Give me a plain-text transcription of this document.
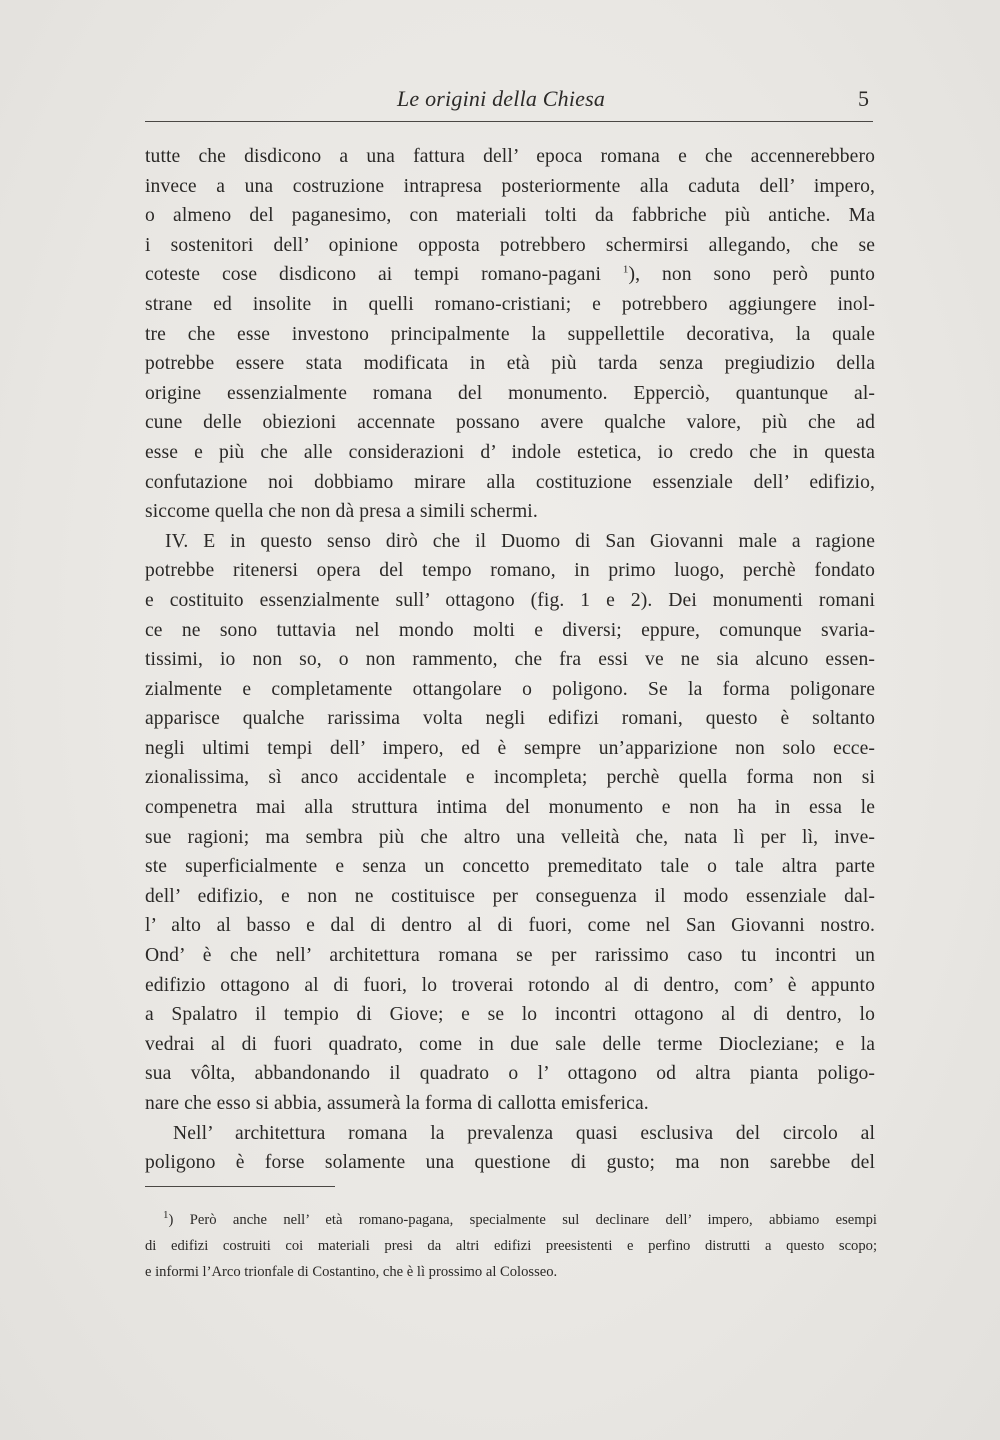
Le origini della Chiesa	5
tutte che disdicono a una fattura dell’ epoca romana e che accennerebbero
invece a una costruzione intrapresa posteriormente alla caduta dell’ impero,
o almeno del paganesimo, con materiali tolti da fabbriche più antiche. Ma
i sostenitori dell’ opinione opposta potrebbero schermirsi allegando, che se
coteste cose disdicono ai tempi romano-pagani $^1$), non sono però punto
strane ed insolite in quelli romano-cristiani; e potrebbero aggiungere inol-
tre che esse investono principalmente la suppellettile decorativa, la quale
potrebbe essere stata modificata in età più tarda senza pregiudizio della
origine essenzialmente romana del monumento. Epperciò, quantunque al-
cune delle obiezioni accennate possano avere qualche valore, più che ad
esse e più che alle considerazioni d’ indole estetica, io credo che in questa
confutazione noi dobbiamo mirare alla costituzione essenziale dell’ edifizio,
siccome quella che non dà presa a simili schermi.
IV. E in questo senso dirò che il Duomo di San Giovanni male a ragione
potrebbe ritenersi opera del tempo romano, in primo luogo, perchè fondato
e costituito essenzialmente sull’ ottagono (fig. 1 e 2). Dei monumenti romani
ce ne sono tuttavia nel mondo molti e diversi; eppure, comunque svaria-
tissimi, io non so, o non rammento, che fra essi ve ne sia alcuno essen-
zialmente e completamente ottangolare o poligono. Se la forma poligonare
apparisce qualche rarissima volta negli edifizi romani, questo è soltanto
negli ultimi tempi dell’ impero, ed è sempre un’apparizione non solo ecce-
zionalissima, sì anco accidentale e incompleta; perchè quella forma non si
compenetra mai alla struttura intima del monumento e non ha in essa le
sue ragioni; ma sembra più che altro una velleità che, nata lì per lì, inve-
ste superficialmente e senza un concetto premeditato tale o tale altra parte
dell’ edifizio, e non ne costituisce per conseguenza il modo essenziale dal-
l’ alto al basso e dal di dentro al di fuori, come nel San Giovanni nostro.
Ond’ è che nell’ architettura romana se per rarissimo caso tu incontri un
edifizio ottagono al di fuori, lo troverai rotondo al di dentro, com’ è appunto
a Spalatro il tempio di Giove; e se lo incontri ottagono al di dentro, lo
vedrai al di fuori quadrato, come in due sale delle terme Diocleziane; e la
sua vôlta, abbandonando il quadrato o l’ ottagono od altra pianta poligo-
nare che esso si abbia, assumerà la forma di callotta emisferica.
Nell’ architettura romana la prevalenza quasi esclusiva del circolo al
poligono è forse solamente una questione di gusto; ma non sarebbe del
$^1$) Però anche nell’ età romano-pagana, specialmente sul declinare dell’ impero, abbiamo esempi
di edifizi costruiti coi materiali presi da altri edifizi preesistenti e perfino distrutti a questo scopo;
e informi l’Arco trionfale di Costantino, che è lì prossimo al Colosseo.
